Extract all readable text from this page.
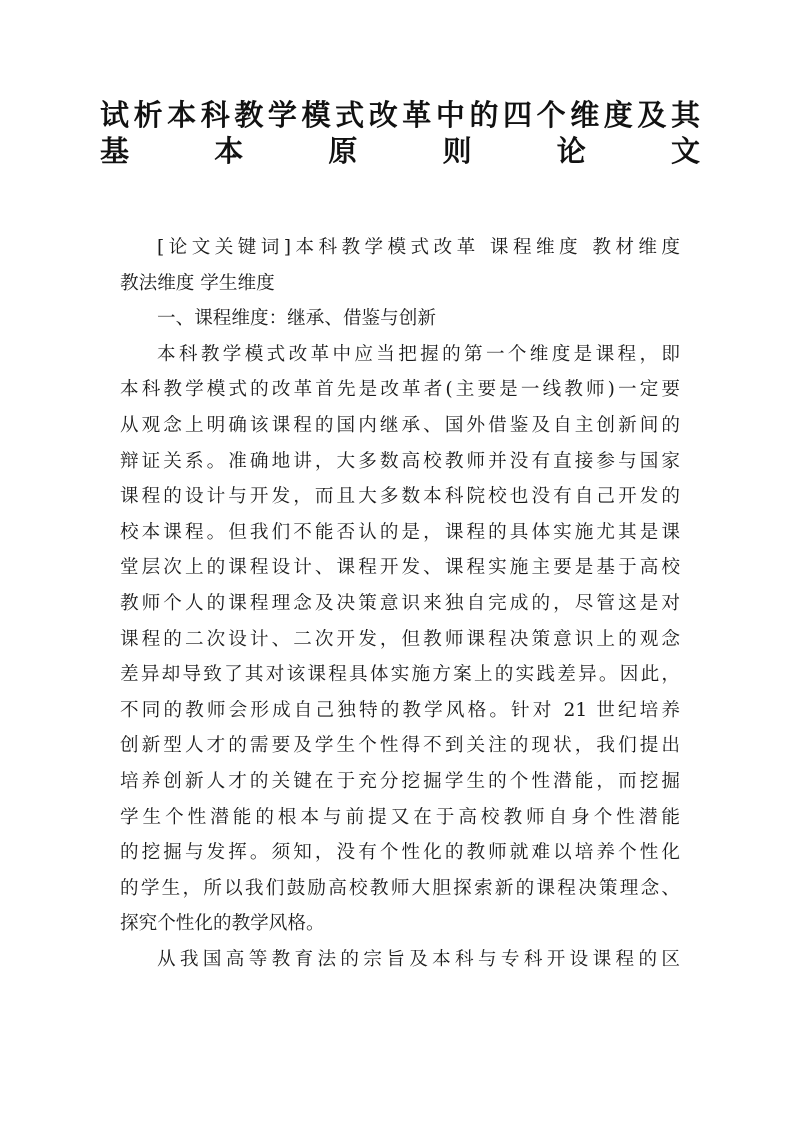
试析本科教学模式改革中的四个维度及其
基本原则论文
[论文关键词]本科教学模式改革 课程维度 教材维度
教法维度 学生维度
一、课程维度：继承、借鉴与创新
本科教学模式改革中应当把握的第一个维度是课程，即
本科教学模式的改革首先是改革者(主要是一线教师)一定要
从观念上明确该课程的国内继承、国外借鉴及自主创新间的
辩证关系。准确地讲，大多数高校教师并没有直接参与国家
课程的设计与开发，而且大多数本科院校也没有自己开发的
校本课程。但我们不能否认的是，课程的具体实施尤其是课
堂层次上的课程设计、课程开发、课程实施主要是基于高校
教师个人的课程理念及决策意识来独自完成的，尽管这是对
课程的二次设计、二次开发，但教师课程决策意识上的观念
差异却导致了其对该课程具体实施方案上的实践差异。因此，
不同的教师会形成自己独特的教学风格。针对 21 世纪培养
创新型人才的需要及学生个性得不到关注的现状，我们提出
培养创新人才的关键在于充分挖掘学生的个性潜能，而挖掘
学生个性潜能的根本与前提又在于高校教师自身个性潜能
的挖掘与发挥。须知，没有个性化的教师就难以培养个性化
的学生，所以我们鼓励高校教师大胆探索新的课程决策理念、
探究个性化的教学风格。
从我国高等教育法的宗旨及本科与专科开设课程的区
